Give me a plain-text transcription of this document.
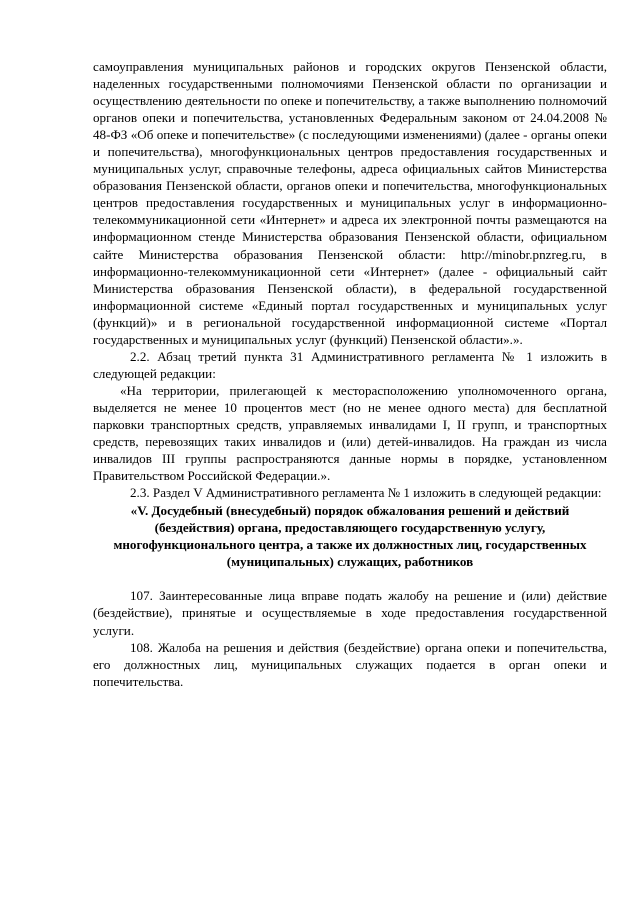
самоуправления муниципальных районов и городских округов Пензенской области, наделенных государственными полномочиями Пензенской области по организации и осуществлению деятельности по опеке и попечительству, а также выполнению полномочий органов опеки и попечительства, установленных Федеральным законом от 24.04.2008 № 48-ФЗ «Об опеке и попечительстве» (с последующими изменениями) (далее - органы опеки и попечительства), многофункциональных центров предоставления государственных и муниципальных услуг, справочные телефоны, адреса официальных сайтов Министерства образования Пензенской области, органов опеки и попечительства, многофункциональных центров предоставления государственных и муниципальных услуг в информационно-телекоммуникационной сети «Интернет» и адреса их электронной почты размещаются на информационном стенде Министерства образования Пензенской области, официальном сайте Министерства образования Пензенской области: http://minobr.pnzreg.ru, в информационно-телекоммуникационной сети «Интернет» (далее - официальный сайт Министерства образования Пензенской области), в федеральной государственной информационной системе «Единый портал государственных и муниципальных услуг (функций)» и в региональной государственной информационной системе «Портал государственных и муниципальных услуг (функций) Пензенской области».».

2.2. Абзац третий пункта 31 Административного регламента № 1 изложить в следующей редакции:

«На территории, прилегающей к месторасположению уполномоченного органа, выделяется не менее 10 процентов мест (но не менее одного места) для бесплатной парковки транспортных средств, управляемых инвалидами I, II групп, и транспортных средств, перевозящих таких инвалидов и (или) детей-инвалидов. На граждан из числа инвалидов III группы распространяются данные нормы в порядке, установленном Правительством Российской Федерации.».

2.3. Раздел V Административного регламента № 1 изложить в следующей редакции:

«V. Досудебный (внесудебный) порядок обжалования решений и действий (бездействия) органа, предоставляющего государственную услугу, многофункционального центра, а также их должностных лиц, государственных (муниципальных) служащих, работников

107. Заинтересованные лица вправе подать жалобу на решение и (или) действие (бездействие), принятые и осуществляемые в ходе предоставления государственной услуги.

108. Жалоба на решения и действия (бездействие) органа опеки и попечительства, его должностных лиц, муниципальных служащих подается в орган опеки и попечительства.
